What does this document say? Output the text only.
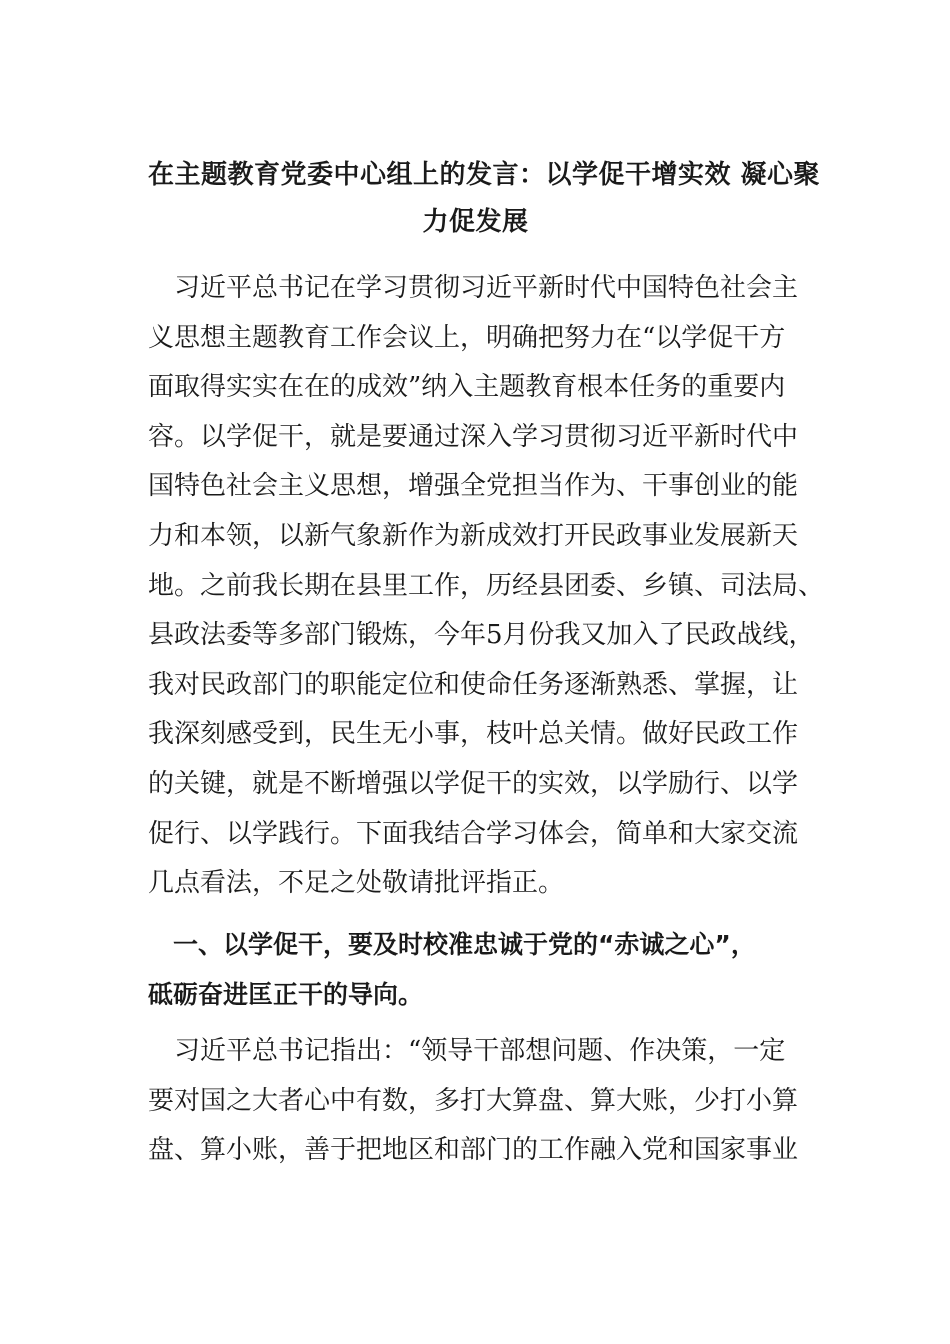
在主题教育党委中心组上的发言：以学促干增实效 凝心聚
力促发展

　习近平总书记在学习贯彻习近平新时代中国特色社会主
义思想主题教育工作会议上，明确把努力在“以学促干方
面取得实实在在的成效”纳入主题教育根本任务的重要内
容。以学促干，就是要通过深入学习贯彻习近平新时代中
国特色社会主义思想，增强全党担当作为、干事创业的能
力和本领，以新气象新作为新成效打开民政事业发展新天
地。之前我长期在县里工作，历经县团委、乡镇、司法局、
县政法委等多部门锻炼，今年5月份我又加入了民政战线，
我对民政部门的职能定位和使命任务逐渐熟悉、掌握，让
我深刻感受到，民生无小事，枝叶总关情。做好民政工作
的关键，就是不断增强以学促干的实效，以学励行、以学
促行、以学践行。下面我结合学习体会，简单和大家交流
几点看法，不足之处敬请批评指正。

　一、以学促干，要及时校准忠诚于党的“赤诚之心”，
砥砺奋进匡正干的导向。

　习近平总书记指出：“领导干部想问题、作决策，一定
要对国之大者心中有数，多打大算盘、算大账，少打小算
盘、算小账，善于把地区和部门的工作融入党和国家事业
